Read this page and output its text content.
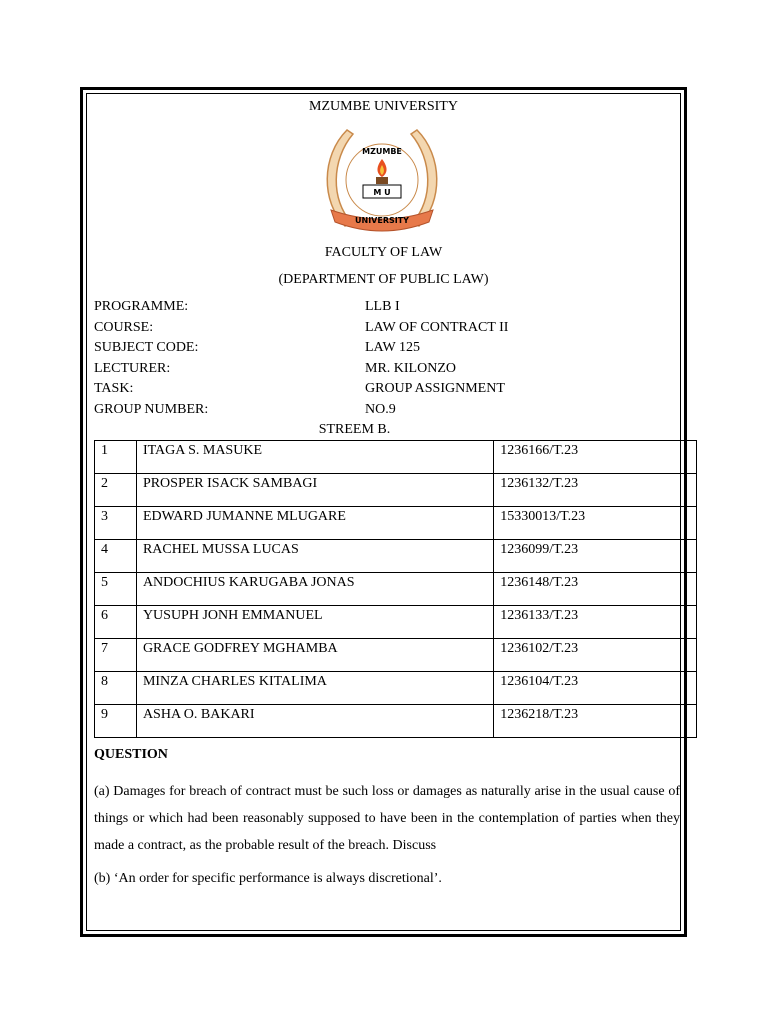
MZUMBE UNIVERSITY
MZUMBE
M U
UNIVERSITY
FACULTY OF LAW
(DEPARTMENT OF PUBLIC LAW)
PROGRAMME:	LLB I
COURSE:	LAW OF CONTRACT II
SUBJECT CODE:	LAW 125
LECTURER:	MR. KILONZO
TASK:	GROUP ASSIGNMENT
GROUP NUMBER:	NO.9
STREEM B.
1	ITAGA S. MASUKE	1236166/T.23
2	PROSPER ISACK SAMBAGI	1236132/T.23
3	EDWARD JUMANNE MLUGARE	15330013/T.23
4	RACHEL MUSSA LUCAS	1236099/T.23
5	ANDOCHIUS KARUGABA JONAS	1236148/T.23
6	YUSUPH JONH EMMANUEL	1236133/T.23
7	GRACE GODFREY MGHAMBA	1236102/T.23
8	MINZA CHARLES KITALIMA	1236104/T.23
9	ASHA O. BAKARI	1236218/T.23
QUESTION
(a) Damages for breach of contract must be such loss or damages as naturally arise in the usual cause of things or which had been reasonably supposed to have been in the contemplation of parties when they made a contract, as the probable result of the breach. Discuss
(b) ‘An order for specific performance is always discretional’.
